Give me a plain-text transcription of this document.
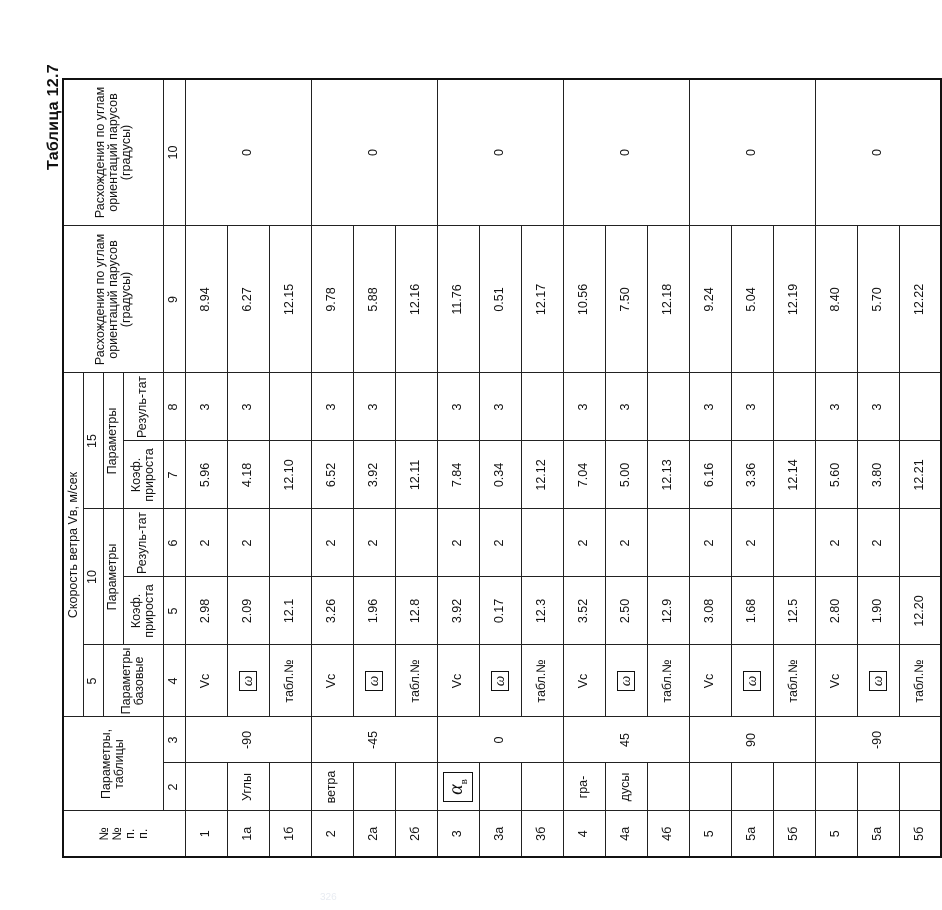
Таблица 12.7
№ № п. п.	Параметры, таблицы		Скорость ветра Vв, м/сек					Расхождения по углам ориентаций парусов (градусы)	Расхождения по углам ориентаций парусов (градусы)	
			5	10		15				
			Параметры базовые	Параметры		Параметры				
				Коэф. прироста	Резуль-тат	Коэф. прироста	Резуль-тат			
	2	3	4	5	6	7	8	9	10	
1		-90	Vc	2.98	2	5.96	3	8.94	0	
1а	Углы		ω	2.09	2	4.18	3	6.27		
1б			табл.№	12.1		12.10		12.15		
2	ветра	-45	Vc	3.26	2	6.52	3	9.78	0	
2а			ω	1.96	2	3.92	3	5.88		
2б			табл.№	12.8		12.11		12.16		
3	$\alpha_в$	0	Vc	3.92	2	7.84	3	11.76	0	
3а			ω	0.17	2	0.34	3	0.51		
3б			табл.№	12.3		12.12		12.17		
4	гра-	45	Vc	3.52	2	7.04	3	10.56	0	
4а	дусы		ω	2.50	2	5.00	3	7.50		
4б			табл.№	12.9		12.13		12.18		
5		90	Vc	3.08	2	6.16	3	9.24	0	
5а			ω	1.68	2	3.36	3	5.04		
5б			табл.№	12.5		12.14		12.19		
5		-90	Vc	2.80	2	5.60	3	8.40	0	
5а			ω	1.90	2	3.80	3	5.70		
5б			табл.№	12.20		12.21		12.22		
326
